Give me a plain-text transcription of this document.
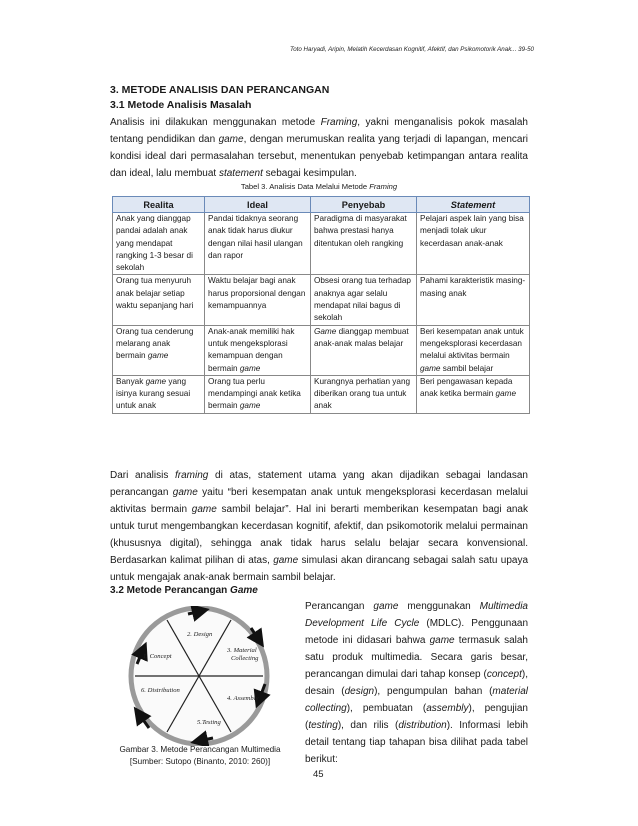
Toto Haryadi, Aripin, Melatih Kecerdasan Kognitif, Afektif, dan Psikomotorik Anak... 39-50
3. METODE ANALISIS DAN PERANCANGAN
3.1 Metode Analisis Masalah
Analisis ini dilakukan menggunakan metode Framing, yakni menganalisis pokok masalah tentang pendidikan dan game, dengan merumuskan realita yang terjadi di lapangan, mencari kondisi ideal dari permasalahan tersebut, menentukan penyebab ketimpangan antara realita dan ideal, lalu membuat statement sebagai kesimpulan.
Tabel 3. Analisis Data Melalui Metode Framing
Realita	Ideal	Penyebab	Statement
Anak yang dianggap pandai adalah anak yang mendapat rangking 1-3 besar di sekolah	Pandai tidaknya seorang anak tidak harus diukur dengan nilai hasil ulangan dan rapor	Paradigma di masyarakat bahwa prestasi hanya ditentukan oleh rangking	Pelajari aspek lain yang bisa menjadi tolak ukur kecerdasan anak-anak
Orang tua menyuruh anak belajar setiap waktu sepanjang hari	Waktu belajar bagi anak harus proporsional dengan kemampuannya	Obsesi orang tua terhadap anaknya agar selalu mendapat nilai bagus di sekolah	Pahami karakteristik masing-masing anak
Orang tua cenderung melarang anak bermain game	Anak-anak memiliki hak untuk mengeksplorasi kemampuan dengan bermain game	Game dianggap membuat anak-anak malas belajar	Beri kesempatan anak untuk mengeksplorasi kecerdasan melalui aktivitas bermain game sambil belajar
Banyak game yang isinya kurang sesuai untuk anak	Orang tua perlu mendampingi anak ketika bermain game	Kurangnya perhatian yang diberikan orang tua untuk anak	Beri pengawasan kepada anak ketika bermain game
Dari analisis framing di atas, statement utama yang akan dijadikan sebagai landasan perancangan game yaitu “beri kesempatan anak untuk mengeksplorasi kecerdasan melalui aktivitas bermain game sambil belajar”. Hal ini berarti memberikan kesempatan bagi anak untuk turut mengembangkan kecerdasan kognitif, afektif, dan psikomotorik melalui permainan (khususnya digital), sehingga anak tidak harus selalu belajar secara konvensional. Berdasarkan kalimat pilihan di atas, game simulasi akan dirancang sebagai salah satu upaya untuk mengajak anak-anak bermain sambil belajar.
3.2 Metode Perancangan Game
Perancangan game menggunakan Multimedia Development Life Cycle (MDLC). Penggunaan metode ini didasari bahwa game termasuk salah satu produk multimedia. Secara garis besar, perancangan dimulai dari tahap konsep (concept), desain (design), pengumpulan bahan (material collecting), pembuatan (assembly), pengujian (testing), dan rilis (distribution). Informasi lebih detail tentang tiap tahapan bisa dilihat pada tabel berikut:
1. Concept
2. Design
3. Material
Collecting
4. Assembly
5.Testing
6. Distribution
Gambar 3. Metode Perancangan Multimedia
[Sumber: Sutopo (Binanto, 2010: 260)]
45
